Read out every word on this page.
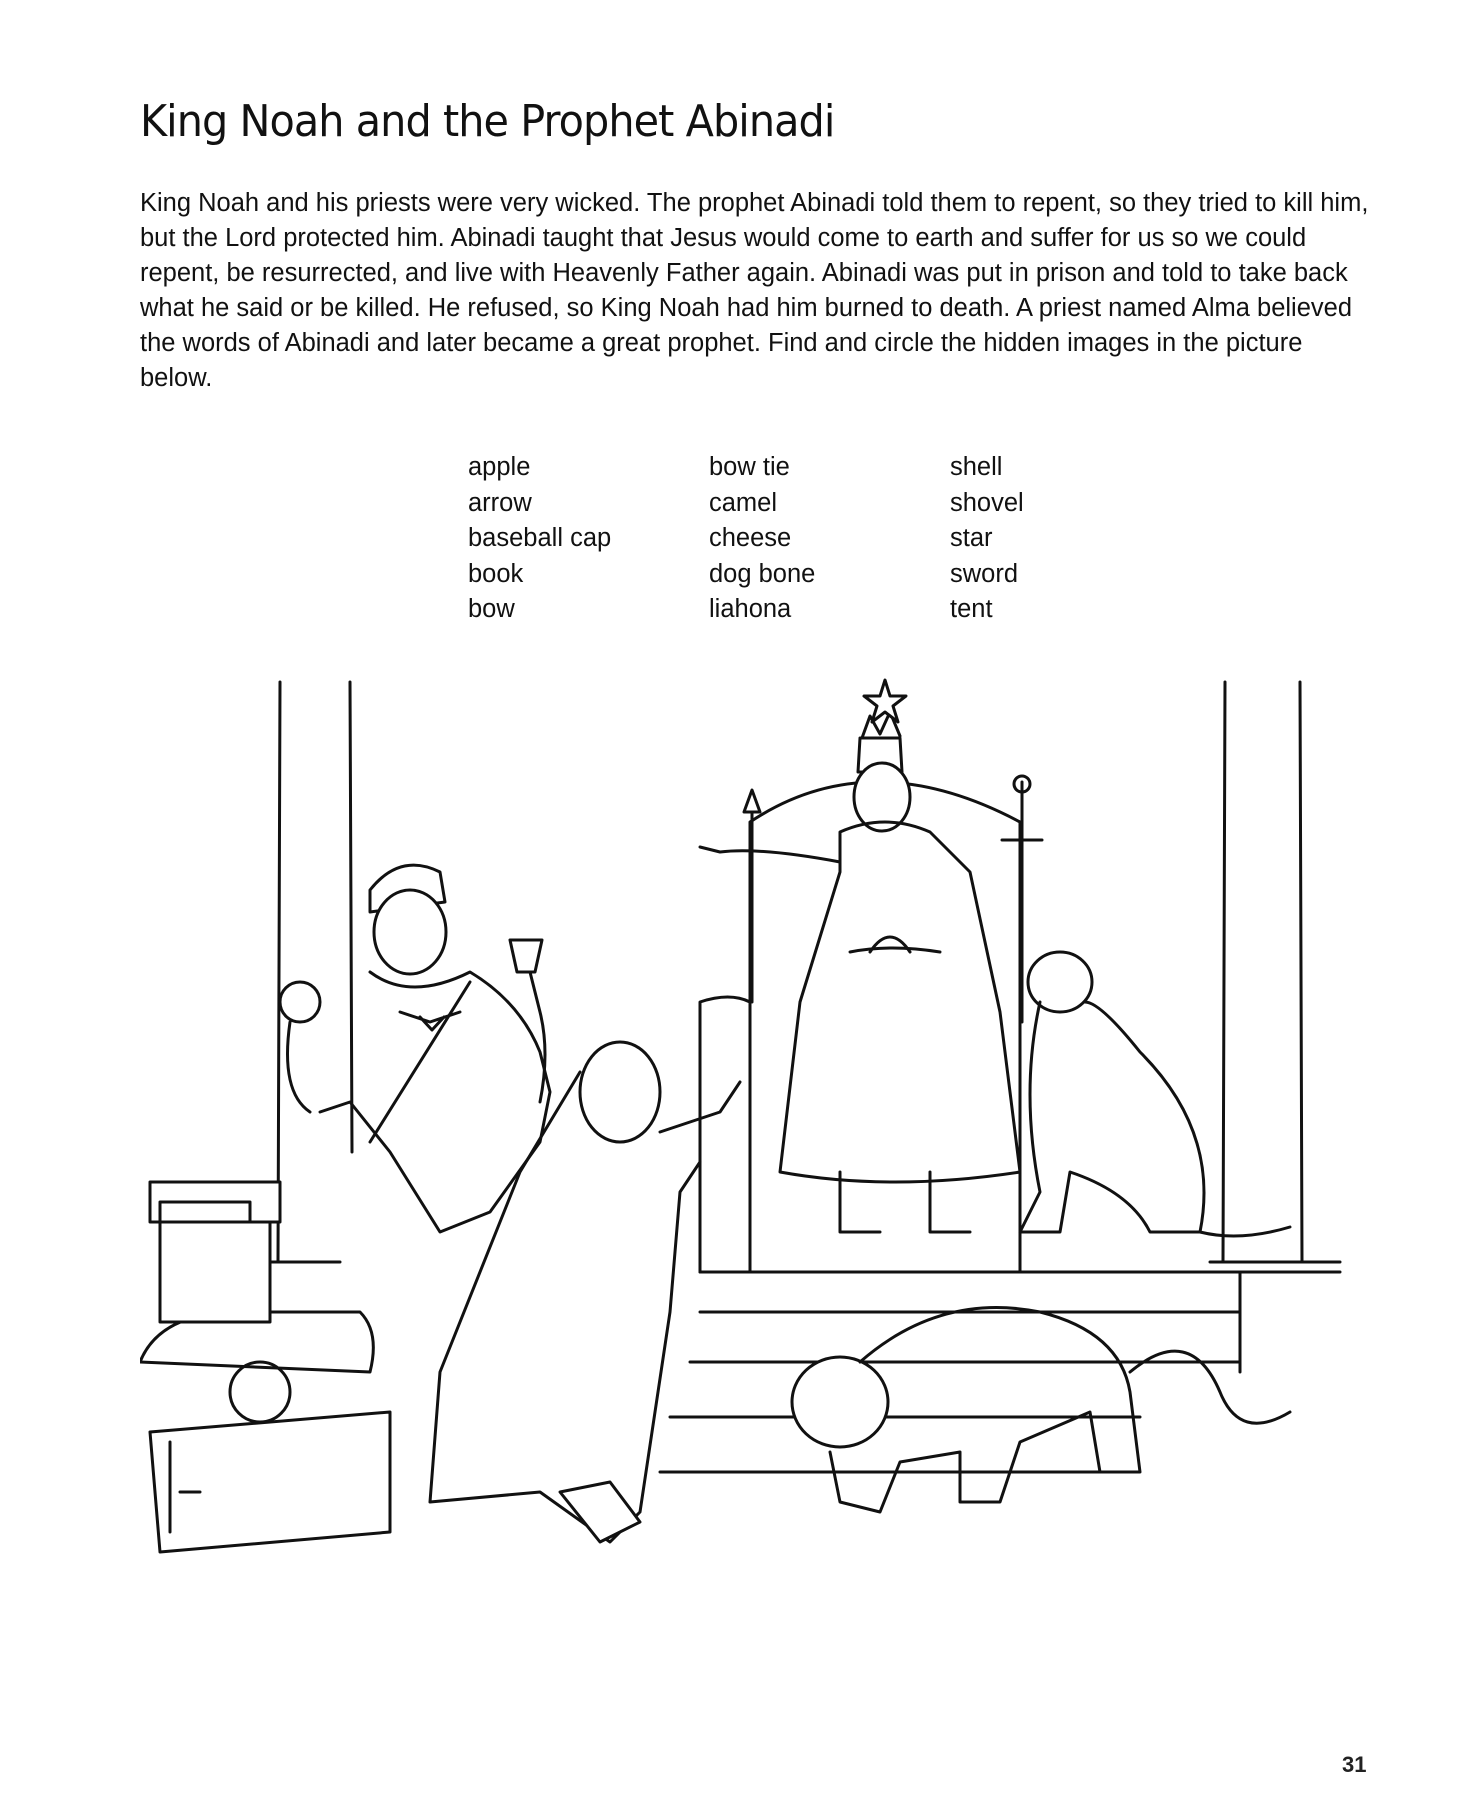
King Noah and the Prophet Abinadi

King Noah and his priests were very wicked. The prophet Abinadi told them to repent, so they tried to kill him, but the Lord protected him. Abinadi taught that Jesus would come to earth and suffer for us so we could repent, be resurrected, and live with Heavenly Father again. Abinadi was put in prison and told to take back what he said or be killed. He refused, so King Noah had him burned to death. A priest named Alma believed the words of Abinadi and later became a great prophet. Find and circle the hidden images in the picture below.

apple
arrow
baseball cap
book
bow
bow tie
camel
cheese
dog bone
liahona
shell
shovel
star
sword
tent
31
